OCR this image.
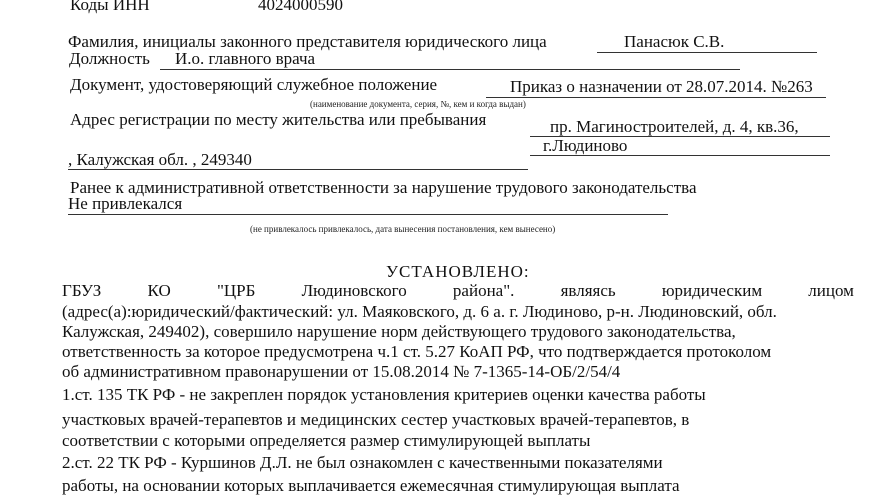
Коды ИНН	4024000590
Фамилия, инициалы законного представителя юридического лица	Панасюк С.В.
Должность И.о. главного врача
Документ, удостоверяющий служебное положение	Приказ о назначении от 28.07.2014. №263
(наименование документа, серия, №, кем и когда выдан)
Адрес регистрации по месту жительства или пребывания	пр. Магиностроителей, д. 4, кв.36,
г.Людиново
, Калужская обл. , 249340
Ранее к административной ответственности за нарушение трудового законодательства
Не привлекался
(не привлекалось привлекалось, дата вынесения постановления, кем вынесено)
УСТАНОВЛЕНО:
ГБУЗ	КО	"ЦРБ	Людиновского	района".	являясь	юридическим	лицом
(адрес(а):юридический/фактический: ул. Маяковского, д. 6 а. г. Людиново, р-н. Людиновский, обл.
Калужская, 249402), совершило нарушение норм действующего трудового законодательства,
ответственность за которое предусмотрена ч.1 ст. 5.27 КоАП РФ, что подтверждается протоколом
об административном правонарушении от 15.08.2014 № 7-1365-14-ОБ/2/54/4
1.ст. 135 ТК РФ - не закреплен порядок установления критериев оценки качества работы
участковых врачей-терапевтов и медицинских сестер участковых врачей-терапевтов, в
соответствии с которыми определяется размер стимулирующей выплаты
2.ст. 22 ТК РФ - Куршинов Д.Л. не был ознакомлен с качественными показателями
работы, на основании которых выплачивается ежемесячная стимулирующая выплата
